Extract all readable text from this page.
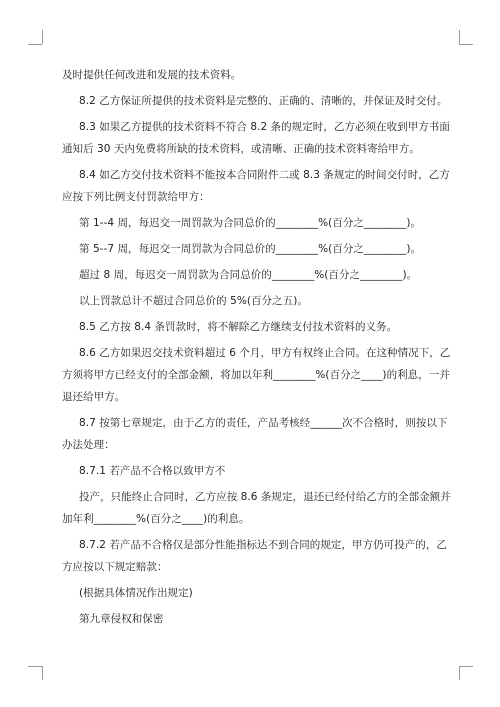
及时提供任何改进和发展的技术资料。
8.2 乙方保证所提供的技术资料是完整的、正确的、清晰的，并保证及时交付。
8.3 如果乙方提供的技术资料不符合 8.2 条的规定时，乙方必须在收到甲方书面
通知后 30 天内免费将所缺的技术资料，或清晰、正确的技术资料寄给甲方。
8.4 如乙方交付技术资料不能按本合同附件二或 8.3 条规定的时间交付时，乙方
应按下列比例支付罚款给甲方：
第 1--4 周，每迟交一周罚款为合同总价的________%(百分之________)。
第 5--7 周，每迟交一周罚款为合同总价的________%(百分之________)。
超过 8 周，每迟交一周罚款为合同总价的________%(百分之________)。
以上罚款总计不超过合同总价的 5%(百分之五)。
8.5 乙方按 8.4 条罚款时，将不解除乙方继续支付技术资料的义务。
8.6 乙方如果迟交技术资料超过 6 个月，甲方有权终止合同。在这种情况下，乙
方须将甲方已经支付的全部金额，将加以年利________%(百分之____)的利息，一并
退还给甲方。
8.7 按第七章规定，由于乙方的责任，产品考核经______次不合格时，则按以下
办法处理：
8.7.1 若产品不合格以致甲方不
投产，只能终止合同时，乙方应按 8.6 条规定，退还已经付给乙方的全部金额并
加年利________%(百分之____)的利息。
8.7.2 若产品不合格仅是部分性能指标达不到合同的规定，甲方仍可投产的，乙
方应按以下规定赔款：
(根据具体情况作出规定)
第九章侵权和保密
